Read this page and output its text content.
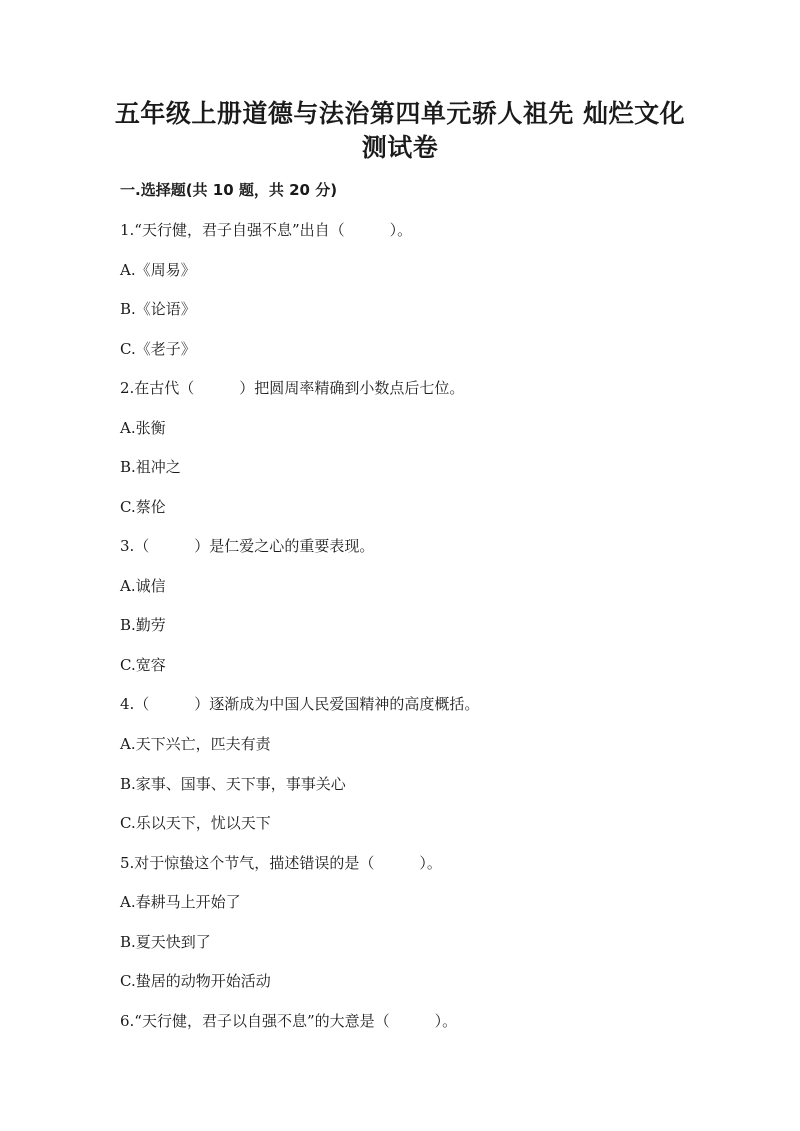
五年级上册道德与法治第四单元骄人祖先 灿烂文化
测试卷
一.选择题(共 10 题，共 20 分)

1.“天行健，君子自强不息”出自（　　　）。

A.《周易》

B.《论语》

C.《老子》

2.在古代（　　　）把圆周率精确到小数点后七位。

A.张衡

B.祖冲之

C.蔡伦

3.（　　　）是仁爱之心的重要表现。

A.诚信

B.勤劳

C.宽容

4.（　　　）逐渐成为中国人民爱国精神的高度概括。

A.天下兴亡，匹夫有责

B.家事、国事、天下事，事事关心

C.乐以天下，忧以天下

5.对于惊蛰这个节气，描述错误的是（　　　）。

A.春耕马上开始了

B.夏天快到了

C.蛰居的动物开始活动

6.“天行健，君子以自强不息”的大意是（　　　）。
